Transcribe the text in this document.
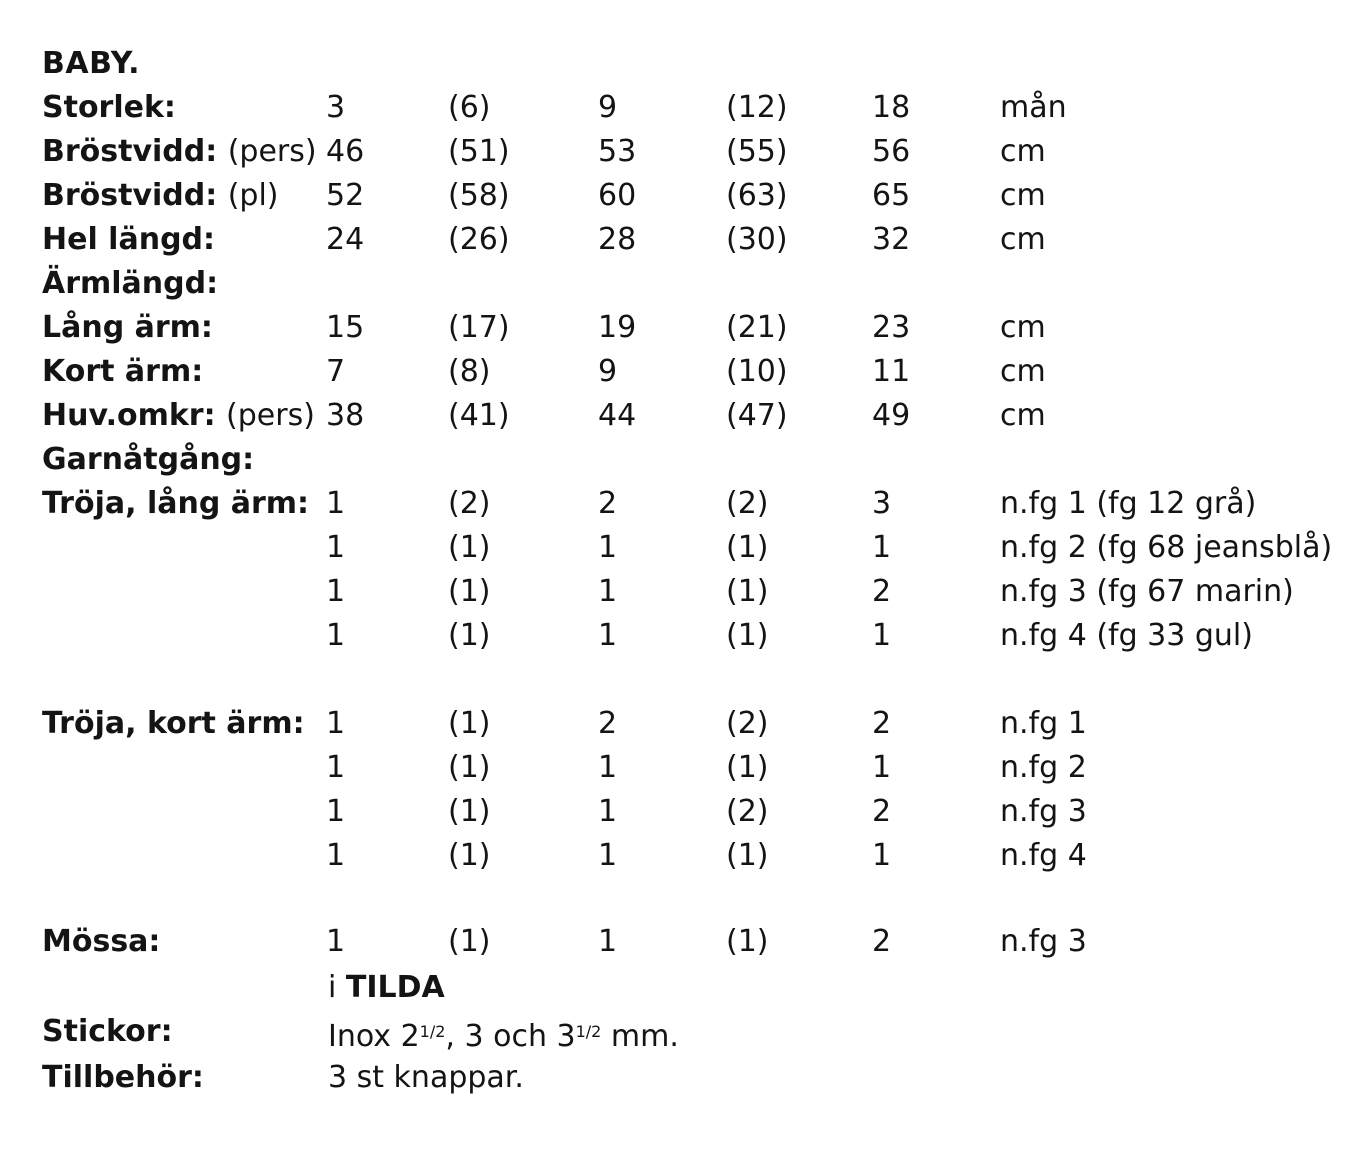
BABY.
Storlek:	3	(6)	9	(12)	18	mån
Bröstvidd: (pers) 46	(51)	53	(55)	56	cm
Bröstvidd: (pl) 52	(58)	60	(63)	65	cm
Hel längd:	24	(26)	28	(30)	32	cm
Ärmlängd:
Lång ärm:	15	(17)	19	(21)	23	cm
Kort ärm:	7	(8)	9	(10)	11	cm
Huv.omkr: (pers) 38	(41)	44	(47)	49	cm
Garnåtgång:
Tröja, lång ärm: 1	(2)	2	(2)	3	n.fg 1 (fg 12 grå)
1	(1)	1	(1)	1	n.fg 2 (fg 68 jeansblå)
1	(1)	1	(1)	2	n.fg 3 (fg 67 marin)
1	(1)	1	(1)	1	n.fg 4 (fg 33 gul)
Tröja, kort ärm: 1	(1)	2	(2)	2	n.fg 1
1	(1)	1	(1)	1	n.fg 2
1	(1)	1	(2)	2	n.fg 3
1	(1)	1	(1)	1	n.fg 4
Mössa:	1	(1)	1	(1)	2	n.fg 3
i TILDA
Stickor:	Inox $2^{1/2}$, 3 och $3^{1/2}$ mm.
Tillbehör:	3 st knappar.
